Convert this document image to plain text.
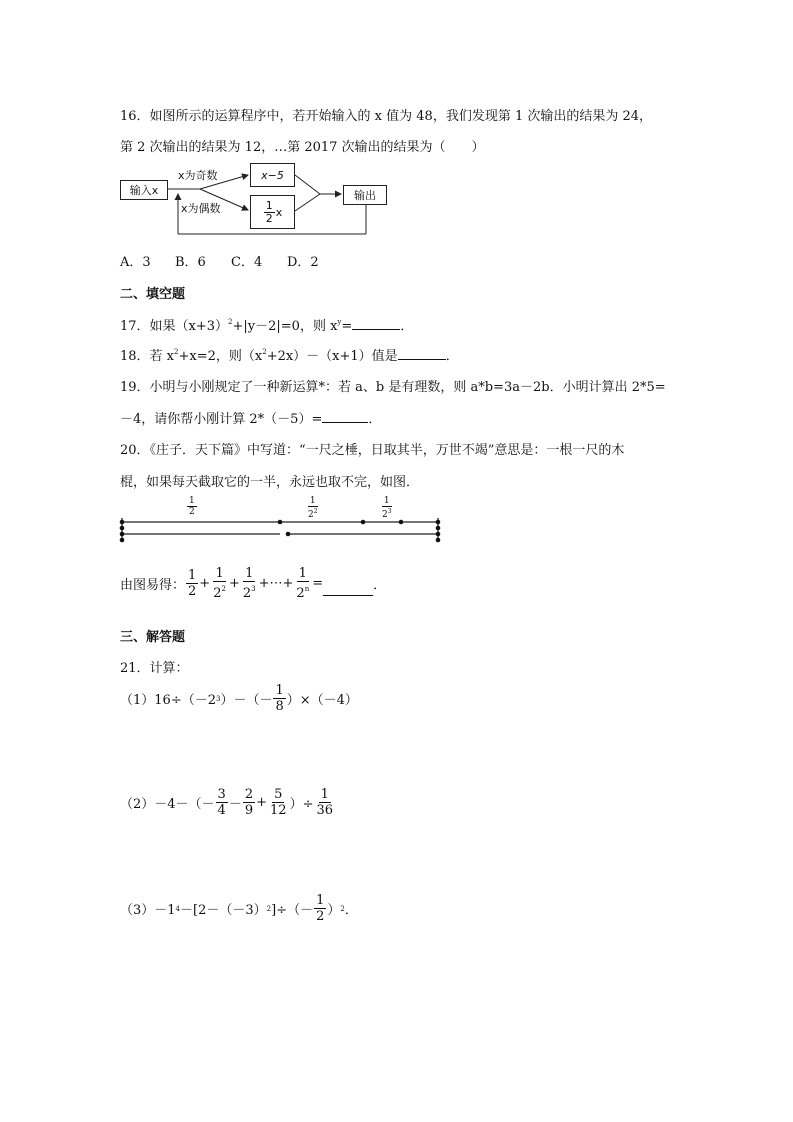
16．如图所示的运算程序中，若开始输入的 x 值为 48，我们发现第 1 次输出的结果为 24，
第 2 次输出的结果为 12，…第 2017 次输出的结果为（　　）
输入x
x为奇数
x为偶数
x−5
$\frac{1}{2}$ x
输出
A．3 B．6 C．4 D．2
二、填空题
17．如果$(x+3)^2+|y-2|=0$，则 $x^y=$	．
18．若 $x^2+x=2$，则$(x^2+2x)-(x+1)$值是	．
19．小明与小刚规定了一种新运算*：若 a、b 是有理数，则 a*b=3a－2b．小明计算出 2*5=
－4，请你帮小刚计算 2*（－5）=	．
20．《庄子．天下篇》中写道：“一尺之棰，日取其半，万世不竭”意思是：一根一尺的木
棍，如果每天截取它的一半，永远也取不完，如图．
$\frac{1}{2}$	$\frac{1}{2^2}$	$\frac{1}{2^3}$
由图易得： $\frac{1}{2} + \frac{1}{2^2} + \frac{1}{2^3}$ +⋯+ $\frac{1}{2^n}$ =	．
三、解答题
21．计算：
（1）16÷（－2 3 ）－（－ $\frac{1}{8} )\times(-4)$
$(2)-4-(- \frac{3}{4} - \frac{2}{9} + \frac{5}{12}$ ）÷ $\frac{1}{36}$
（3）－1 4 －[2－（－3） 2 ]÷（－ $\frac{1}{2}$ ） 2 ．
